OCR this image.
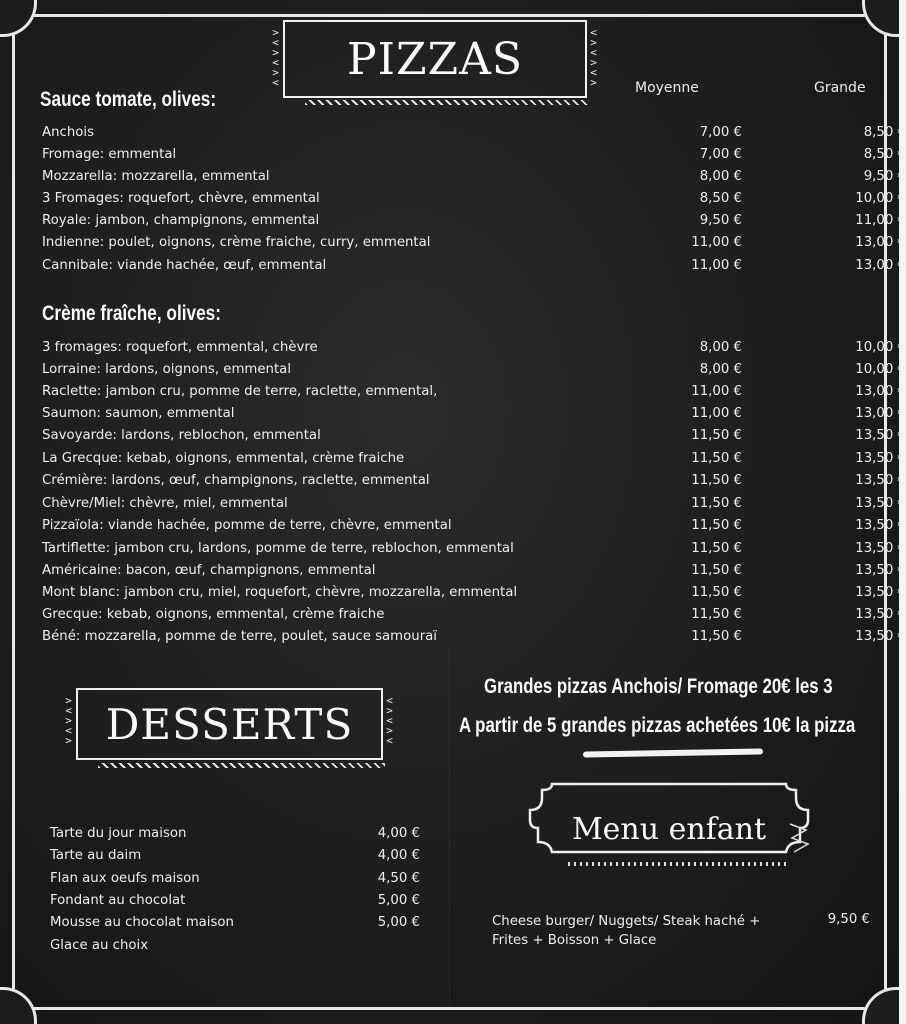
>
<
>
<
>
<
<
>
<
>
<
>
PIZZAS
Moyenne	Grande
Sauce tomate, olives:
Anchois	7,00 €	8,50 €
Fromage: emmental	7,00 €	8,50 €
Mozzarella: mozzarella, emmental	8,00 €	9,50 €
3 Fromages: roquefort, chèvre, emmental	8,50 €	10,00 €
Royale: jambon, champignons, emmental	9,50 €	11,00 €
Indienne: poulet, oignons, crème fraiche, curry, emmental	11,00 €	13,00 €
Cannibale: viande hachée, œuf, emmental	11,00 €	13,00 €
Crème fraîche, olives:
3 fromages: roquefort, emmental, chèvre	8,00 €	10,00 €
Lorraine: lardons, oignons, emmental	8,00 €	10,00 €
Raclette: jambon cru, pomme de terre, raclette, emmental,	11,00 €	13,00 €
Saumon: saumon, emmental	11,00 €	13,00 €
Savoyarde: lardons, reblochon, emmental	11,50 €	13,50 €
La Grecque: kebab, oignons, emmental, crème fraiche	11,50 €	13,50 €
Crémière: lardons, œuf, champignons, raclette, emmental	11,50 €	13,50 €
Chèvre/Miel: chèvre, miel, emmental	11,50 €	13,50 €
Pizzaïola: viande hachée, pomme de terre, chèvre, emmental	11,50 €	13,50 €
Tartiflette: jambon cru, lardons, pomme de terre, reblochon, emmental	11,50 €	13,50 €
Américaine: bacon, œuf, champignons, emmental	11,50 €	13,50 €
Mont blanc: jambon cru, miel, roquefort, chèvre, mozzarella, emmental	11,50 €	13,50 €
Grecque: kebab, oignons, emmental, crème fraiche	11,50 €	13,50 €
Béné: mozzarella, pomme de terre, poulet, sauce samouraï	11,50 €	13,50 €
>
<
>
<
>
<
>
<
>
<
DESSERTS
Grandes pizzas Anchois/ Fromage 20€ les 3
A partir de 5 grandes pizzas achetées 10€ la pizza
Menu enfant
Tarte du jour maison	4,00 €
Tarte au daim	4,00 €
Flan aux oeufs maison	4,50 €
Fondant au chocolat	5,00 €
Mousse au chocolat maison	5,00 €
Glace au choix
Cheese burger/ Nuggets/ Steak haché +
Frites + Boisson + Glace
9,50 €
